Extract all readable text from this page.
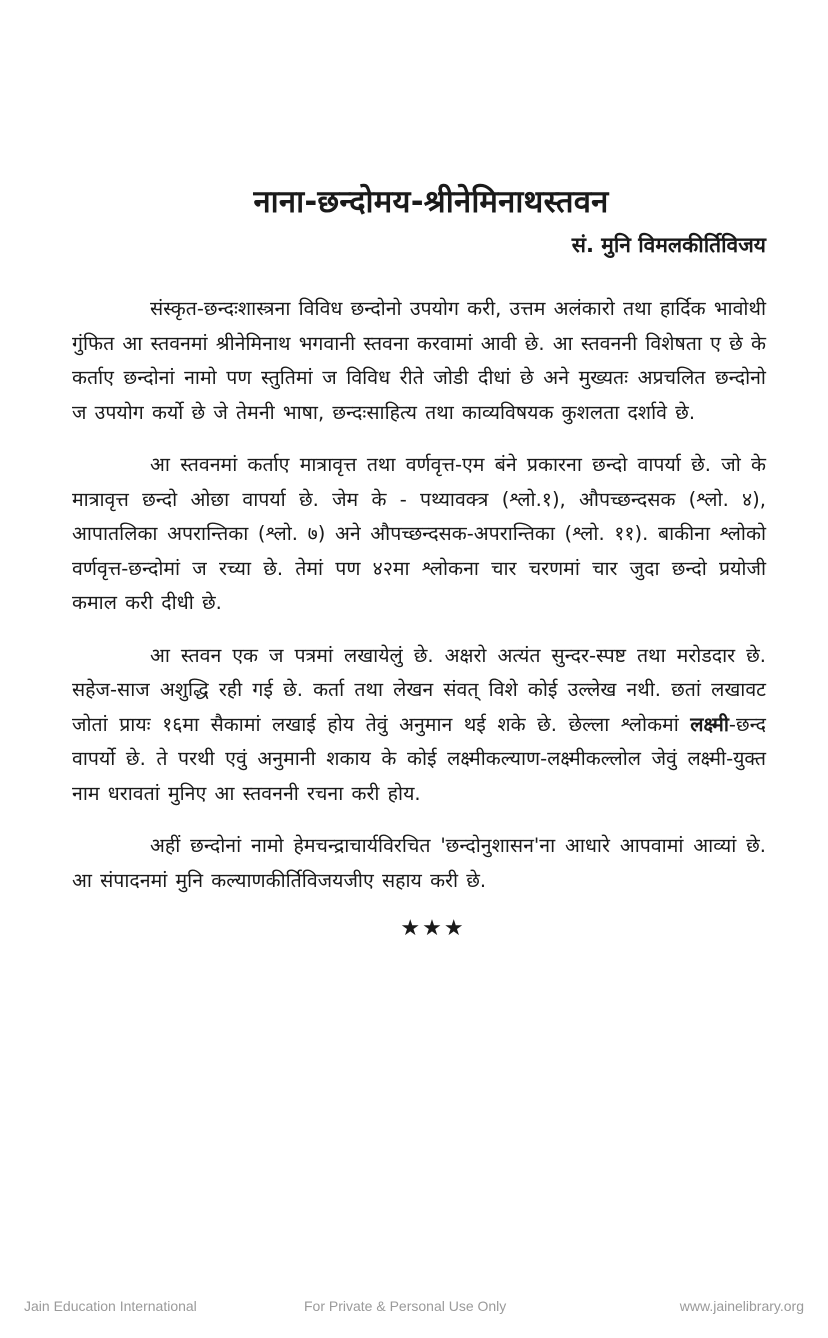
नाना-छन्दोमय-श्रीनेमिनाथस्तवन
सं. मुनि विमलकीर्तिविजय

संस्कृत-छन्दःशास्त्रना विविध छन्दोनो उपयोग करी, उत्तम अलंकारो तथा हार्दिक भावोथी गुंफित आ स्तवनमां श्रीनेमिनाथ भगवानी स्तवना करवामां आवी छे. आ स्तवननी विशेषता ए छे के कर्ताए छन्दोनां नामो पण स्तुतिमां ज विविध रीते जोडी दीधां छे अने मुख्यतः अप्रचलित छन्दोनो ज उपयोग कर्यो छे जे तेमनी भाषा, छन्दःसाहित्य तथा काव्यविषयक कुशलता दर्शावे छे.

आ स्तवनमां कर्ताए मात्रावृत्त तथा वर्णवृत्त-एम बंने प्रकारना छन्दो वापर्या छे. जो के मात्रावृत्त छन्दो ओछा वापर्या छे. जेम के - पथ्यावक्त्र (श्लो.१), औपच्छन्दसक (श्लो. ४), आपातलिका अपरान्तिका (श्लो. ७) अने औपच्छन्दसक-अपरान्तिका (श्लो. ११). बाकीना श्लोको वर्णवृत्त-छन्दोमां ज रच्या छे. तेमां पण ४२मा श्लोकना चार चरणमां चार जुदा छन्दो प्रयोजी कमाल करी दीधी छे.

आ स्तवन एक ज पत्रमां लखायेलुं छे. अक्षरो अत्यंत सुन्दर-स्पष्ट तथा मरोडदार छे. सहेज-साज अशुद्धि रही गई छे. कर्ता तथा लेखन संवत् विशे कोई उल्लेख नथी. छतां लखावट जोतां प्रायः १६मा सैकामां लखाई होय तेवुं अनुमान थई शके छे. छेल्ला श्लोकमां लक्ष्मी-छन्द वापर्यो छे. ते परथी एवुं अनुमानी शकाय के कोई लक्ष्मीकल्याण-लक्ष्मीकल्लोल जेवुं लक्ष्मी-युक्त नाम धरावतां मुनिए आ स्तवननी रचना करी होय.

अहीं छन्दोनां नामो हेमचन्द्राचार्यविरचित 'छन्दोनुशासन'ना आधारे आपवामां आव्यां छे. आ संपादनमां मुनि कल्याणकीर्तिविजयजीए सहाय करी छे.

★★★
Jain Education International	For Private & Personal Use Only	www.jainelibrary.org
